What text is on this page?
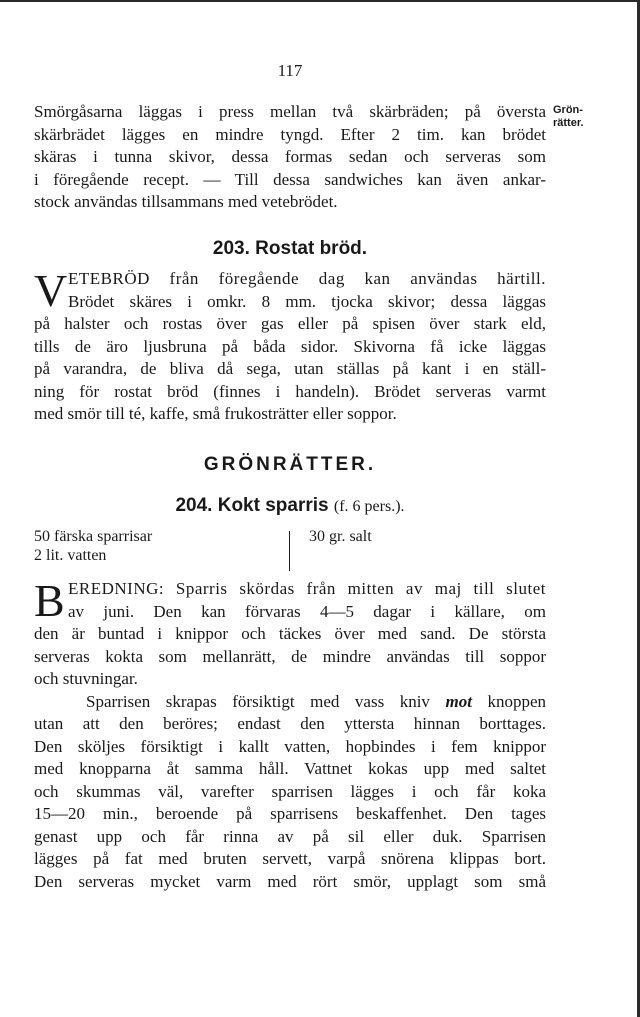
Grön-
rätter.
117
Smörgåsarna läggas i press mellan två skärbräden; på översta
skärbrädet lägges en mindre tyngd. Efter 2 tim. kan brödet
skäras i tunna skivor, dessa formas sedan och serveras som
i föregående recept. — Till dessa sandwiches kan även ankar-
stock användas tillsammans med vetebrödet.
203. Rostat bröd.
V ETEBRÖD från föregående dag kan användas härtill.
Brödet skäres i omkr. 8 mm. tjocka skivor; dessa läggas
på halster och rostas över gas eller på spisen över stark eld,
tills de äro ljusbruna på båda sidor. Skivorna få icke läggas
på varandra, de bliva då sega, utan ställas på kant i en ställ-
ning för rostat bröd (finnes i handeln). Brödet serveras varmt
med smör till té, kaffe, små frukosträtter eller soppor.
GRÖNRÄTTER.
204. Kokt sparris (f. 6 pers.).
50 färska sparrisar
2 lit. vatten
30 gr. salt
B EREDNING: Sparris skördas från mitten av maj till slutet
av juni. Den kan förvaras 4—5 dagar i källare, om
den är buntad i knippor och täckes över med sand. De största
serveras kokta som mellanrätt, de mindre användas till soppor
och stuvningar.
Sparrisen skrapas försiktigt med vass kniv mot knoppen
utan att den beröres; endast den yttersta hinnan borttages.
Den sköljes försiktigt i kallt vatten, hopbindes i fem knippor
med knopparna åt samma håll. Vattnet kokas upp med saltet
och skummas väl, varefter sparrisen lägges i och får koka
15—20 min., beroende på sparrisens beskaffenhet. Den tages
genast upp och får rinna av på sil eller duk. Sparrisen
lägges på fat med bruten servett, varpå snörena klippas bort.
Den serveras mycket varm med rört smör, upplagt som små
